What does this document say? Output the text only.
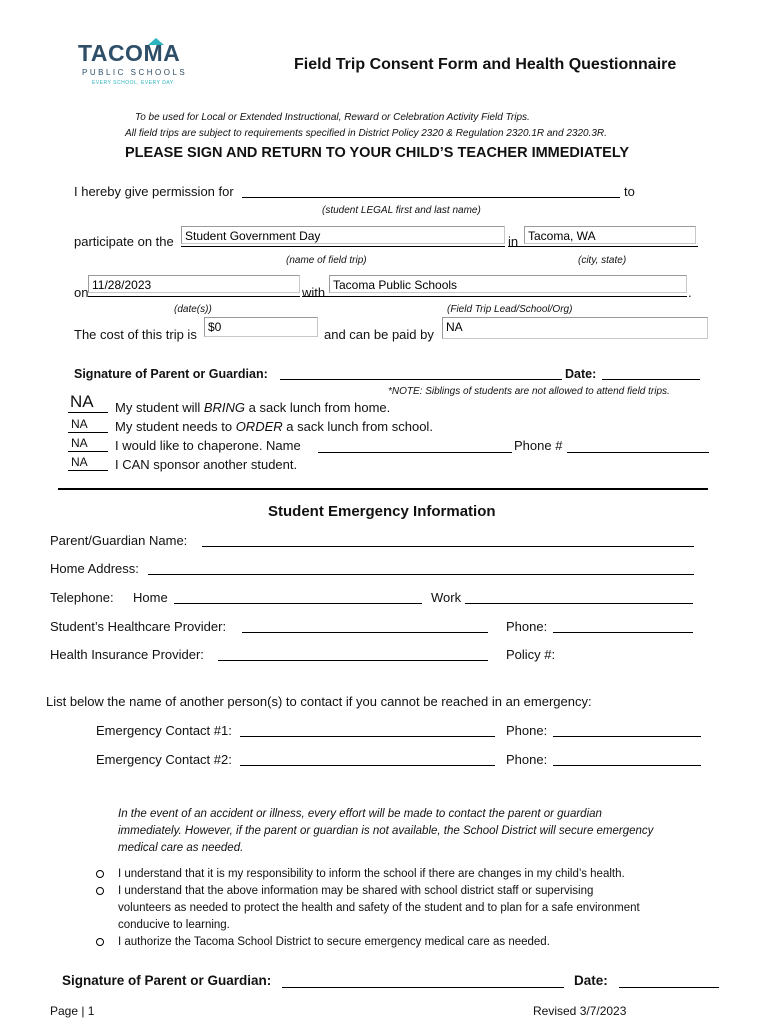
TACOMA
PUBLIC SCHOOLS
EVERY SCHOOL, EVERY DAY
Field Trip Consent Form and Health Questionnaire
To be used for Local or Extended Instructional, Reward or Celebration Activity Field Trips.
All field trips are subject to requirements specified in District Policy 2320 & Regulation 2320.1R and 2320.3R.
PLEASE SIGN AND RETURN TO YOUR CHILD’S TEACHER IMMEDIATELY
I hereby give permission for	to
(student LEGAL first and last name)
participate on the Student Government Day	in Tacoma, WA
(name of field trip)	(city, state)
on 11/28/2023	with Tacoma Public Schools	.
(date(s))	(Field Trip Lead/School/Org)
The cost of this trip is $0	and can be paid by	NA
Signature of Parent or Guardian:	Date:
*NOTE: Siblings of students are not allowed to attend field trips.
NA My student will BRING a sack lunch from home.
NA My student needs to ORDER a sack lunch from school.
NA I would like to chaperone. Name	Phone #
NA I CAN sponsor another student.
Student Emergency Information
Parent/Guardian Name:
Home Address:
Telephone: Home	Work
Student’s Healthcare Provider:	Phone:
Health Insurance Provider:	Policy #:
List below the name of another person(s) to contact if you cannot be reached in an emergency:
Emergency Contact #1:	Phone:
Emergency Contact #2:	Phone:
In the event of an accident or illness, every effort will be made to contact the parent or guardian
immediately. However, if the parent or guardian is not available, the School District will secure emergency
medical care as needed.
I understand that it is my responsibility to inform the school if there are changes in my child’s health.
I understand that the above information may be shared with school district staff or supervising
volunteers as needed to protect the health and safety of the student and to plan for a safe environment
conducive to learning.
I authorize the Tacoma School District to secure emergency medical care as needed.
Signature of Parent or Guardian:	Date:
Page | 1	Revised 3/7/2023
